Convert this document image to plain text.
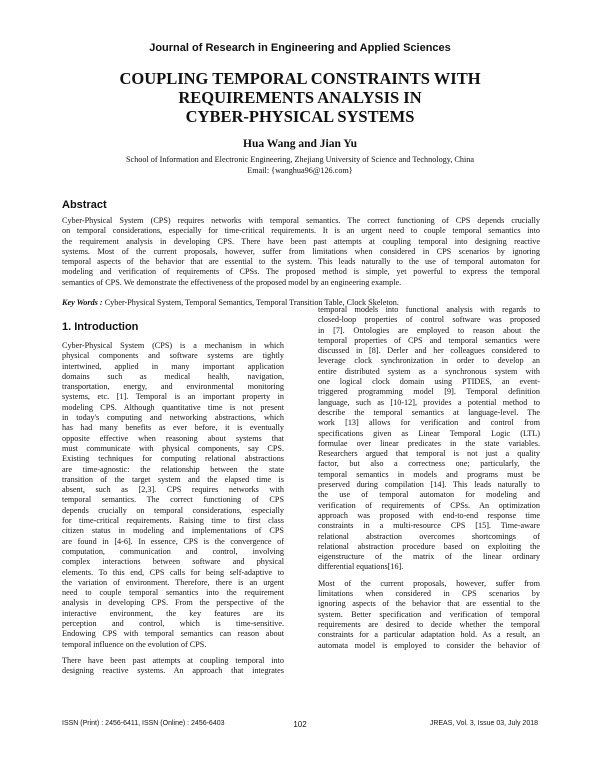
Journal of Research in Engineering and Applied Sciences
COUPLING TEMPORAL CONSTRAINTS WITH
REQUIREMENTS ANALYSIS IN
CYBER-PHYSICAL SYSTEMS
Hua Wang and Jian Yu
School of Information and Electronic Engineering, Zhejiang University of Science and Technology, China
Email: {wanghua96@126.com}
Abstract
Cyber-Physical System (CPS) requires networks with temporal semantics. The correct functioning of CPS depends crucially
on temporal considerations, especially for time-critical requirements. It is an urgent need to couple temporal semantics into
the requirement analysis in developing CPS. There have been past attempts at coupling temporal into designing reactive
systems. Most of the current proposals, however, suffer from limitations when considered in CPS scenarios by ignoring
temporal aspects of the behavior that are essential to the system. This leads naturally to the use of temporal automaton for
modeling and verification of requirements of CPSs. The proposed method is simple, yet powerful to express the temporal
semantics of CPS. We demonstrate the effectiveness of the proposed model by an engineering example.
Key Words : Cyber-Physical System, Temporal Semantics, Temporal Transition Table, Clock Skeleton.
1. Introduction
Cyber-Physical System (CPS) is a mechanism in which
physical components and software systems are tightly
intertwined, applied in many important application
domains such as medical health, navigation,
transportation, energy, and environmental monitoring
systems, etc. [1]. Temporal is an important property in
modeling CPS. Although quantitative time is not present
in today's computing and networking abstractions, which
has had many benefits as ever before, it is eventually
opposite effective when reasoning about systems that
must communicate with physical components, say CPS.
Existing techniques for computing relational abstractions
are time-agnostic: the relationship between the state
transition of the target system and the elapsed time is
absent, such as [2,3]. CPS requires networks with
temporal semantics. The correct functioning of CPS
depends crucially on temporal considerations, especially
for time-critical requirements. Raising time to first class
citizen status in modeling and implementations of CPS
are found in [4-6]. In essence, CPS is the convergence of
computation, communication and control, involving
complex interactions between software and physical
elements. To this end, CPS calls for being self-adaptive to
the variation of environment. Therefore, there is an urgent
need to couple temporal semantics into the requirement
analysis in developing CPS. From the perspective of the
interactive environment, the key features are its
perception and control, which is time-sensitive.
Endowing CPS with temporal semantics can reason about
temporal influence on the evolution of CPS.
There have been past attempts at coupling temporal into
designing reactive systems. An approach that integrates
temporal models into functional analysis with regards to
closed-loop properties of control software was proposed
in [7]. Ontologies are employed to reason about the
temporal properties of CPS and temporal semantics were
discussed in [8]. Derler and her colleagues considered to
leverage clock synchronization in order to develop an
entire distributed system as a synchronous system with
one logical clock domain using PTIDES, an event-
triggered programming model [9]. Temporal definition
language, such as [10-12], provides a potential method to
describe the temporal semantics at language-level. The
work [13] allows for verification and control from
specifications given as Linear Temporal Logic (LTL)
formulae over linear predicates in the state variables.
Researchers argued that temporal is not just a quality
factor, but also a correctness one; particularly, the
temporal semantics in models and programs must be
preserved during compilation [14]. This leads naturally to
the use of temporal automaton for modeling and
verification of requirements of CPSs. An optimization
approach was proposed with end-to-end response time
constraints in a multi-resource CPS [15]. Time-aware
relational abstraction overcomes shortcomings of
relational abstraction procedure based on exploiting the
eigenstructure of the matrix of the linear ordinary
differential equations[16].
Most of the current proposals, however, suffer from
limitations when considered in CPS scenarios by
ignoring aspects of the behavior that are essential to the
system. Better specification and verification of temporal
requirements are desired to decide whether the temporal
constraints for a particular adaptation hold. As a result, an
automata model is employed to consider the behavior of
ISSN (Print) : 2456-6411, ISSN (Online) : 2456-6403	102	JREAS, Vol. 3, Issue 03, July 2018
